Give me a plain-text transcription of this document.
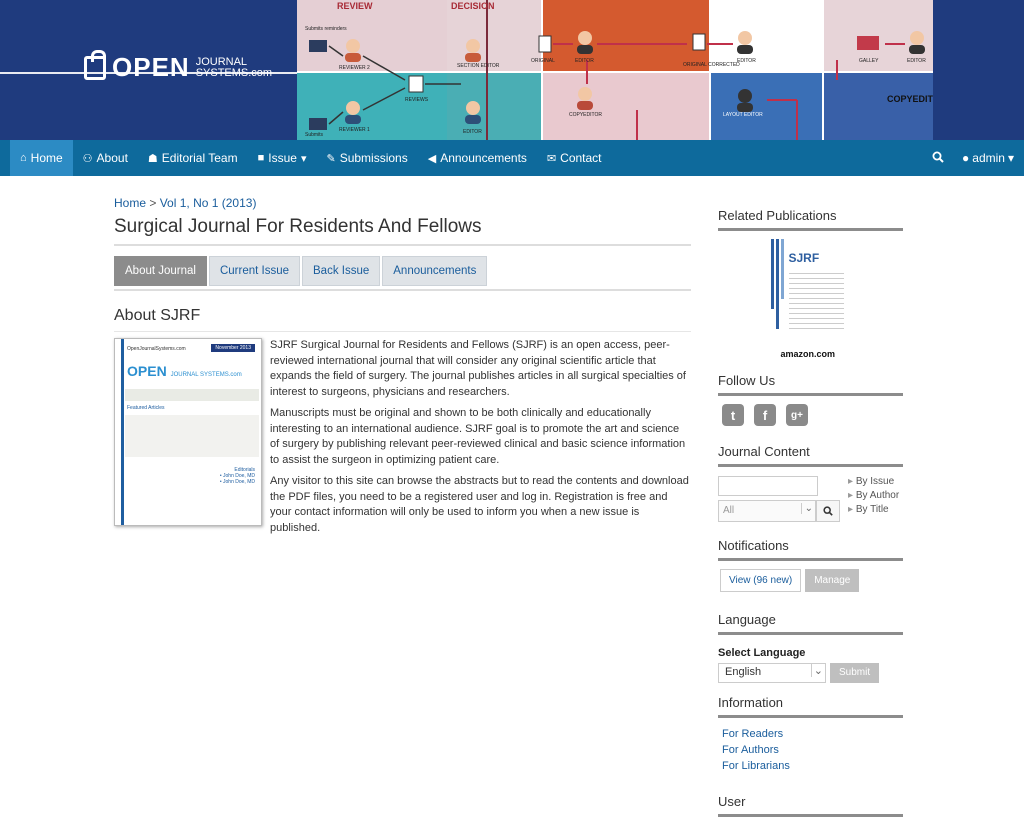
OPEN JOURNAL
SYSTEMS.com
REVIEW	DECISION
Submits reminders
REVIEWER 2
REVIEWER 1
REVIEWS
SECTION EDITOR
EDITOR
Submits
ORIGINAL	EDITOR
COPYEDITOR
ORIGINAL CORRECTED
EDITOR
LAYOUT EDITOR
GALLEY	EDITOR
COPYEDIT
⌂ Home ⚇ About ☗ Editorial Team ■ Issue ▾ ✎ Submissions ◀ Announcements ✉ Contact	● admin ▾
Home > Vol 1, No 1 (2013)
Surgical Journal For Residents And Fellows
About Journal	Current Issue	Back Issue	Announcements
About SJRF
OpenJournalSystems.com	November 2013
OPEN JOURNAL SYSTEMS.com
Featured Articles
Editorials
• John Doe, MD
• John Doe, MD

SJRF Surgical Journal for Residents and Fellows (SJRF) is an open access, peer-reviewed international journal that will consider any original scientific article that expands the field of surgery. The journal publishes articles in all surgical specialties of interest to surgeons, physicians and researchers.

Manuscripts must be original and shown to be both clinically and educationally interesting to an international audience. SJRF goal is to promote the art and science of surgery by publishing relevant peer-reviewed clinical and basic science information to assist the surgeon in optimizing patient care.

Any visitor to this site can browse the abstracts but to read the contents and download the PDF files, you need to be a registered user and log in. Registration is free and your contact information will only be used to inform you when a new issue is published.

Related Publications
SJRF
amazon.com
Follow Us
t	f	g+
Journal Content
All ⌄
▸ By Issue
▸ By Author
▸ By Title
Notifications
View (96 new)	Manage
Language
Select Language
English ⌄	Submit
Information
For Readers
For Authors
For Librarians
User
